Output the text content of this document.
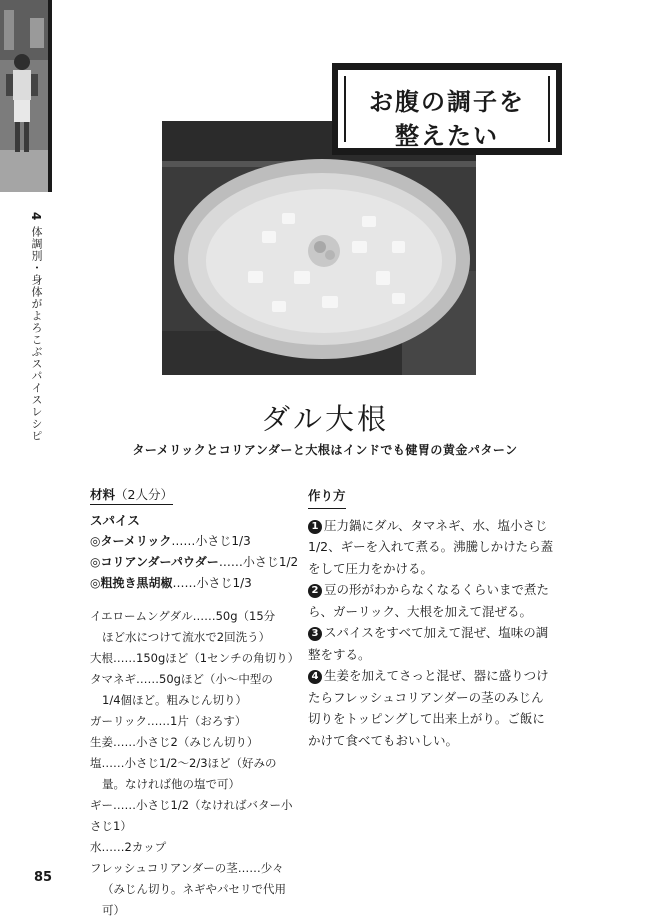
4 体調別・身体がよろこぶスパイスレシピ
お腹の調子を
整えたい
ダル大根
ターメリックとコリアンダーと大根はインドでも健胃の黄金パターン
材料（2人分）
スパイス
◎ターメリック……小さじ1/3
◎コリアンダーパウダー……小さじ1/2
◎粗挽き黒胡椒……小さじ1/3
イエロームングダル……50g（15分
ほど水につけて流水で2回洗う）
大根……150gほど（1センチの角切り）
タマネギ……50gほど（小〜中型の
1/4個ほど。粗みじん切り）
ガーリック……1片（おろす）
生姜……小さじ2（みじん切り）
塩……小さじ1/2〜2/3ほど（好みの
量。なければ他の塩で可）
ギー……小さじ1/2（なければバター小さじ1）
水……2カップ
フレッシュコリアンダーの茎……少々
（みじん切り。ネギやパセリで代用可）
作り方

1 圧力鍋にダル、タマネギ、水、塩小さじ1/2、ギーを入れて煮る。沸騰しかけたら蓋をして圧力をかける。

2 豆の形がわからなくなるくらいまで煮たら、ガーリック、大根を加えて混ぜる。

3 スパイスをすべて加えて混ぜ、塩味の調整をする。

4 生姜を加えてさっと混ぜ、器に盛りつけたらフレッシュコリアンダーの茎のみじん切りをトッピングして出来上がり。ご飯にかけて食べてもおいしい。

85
